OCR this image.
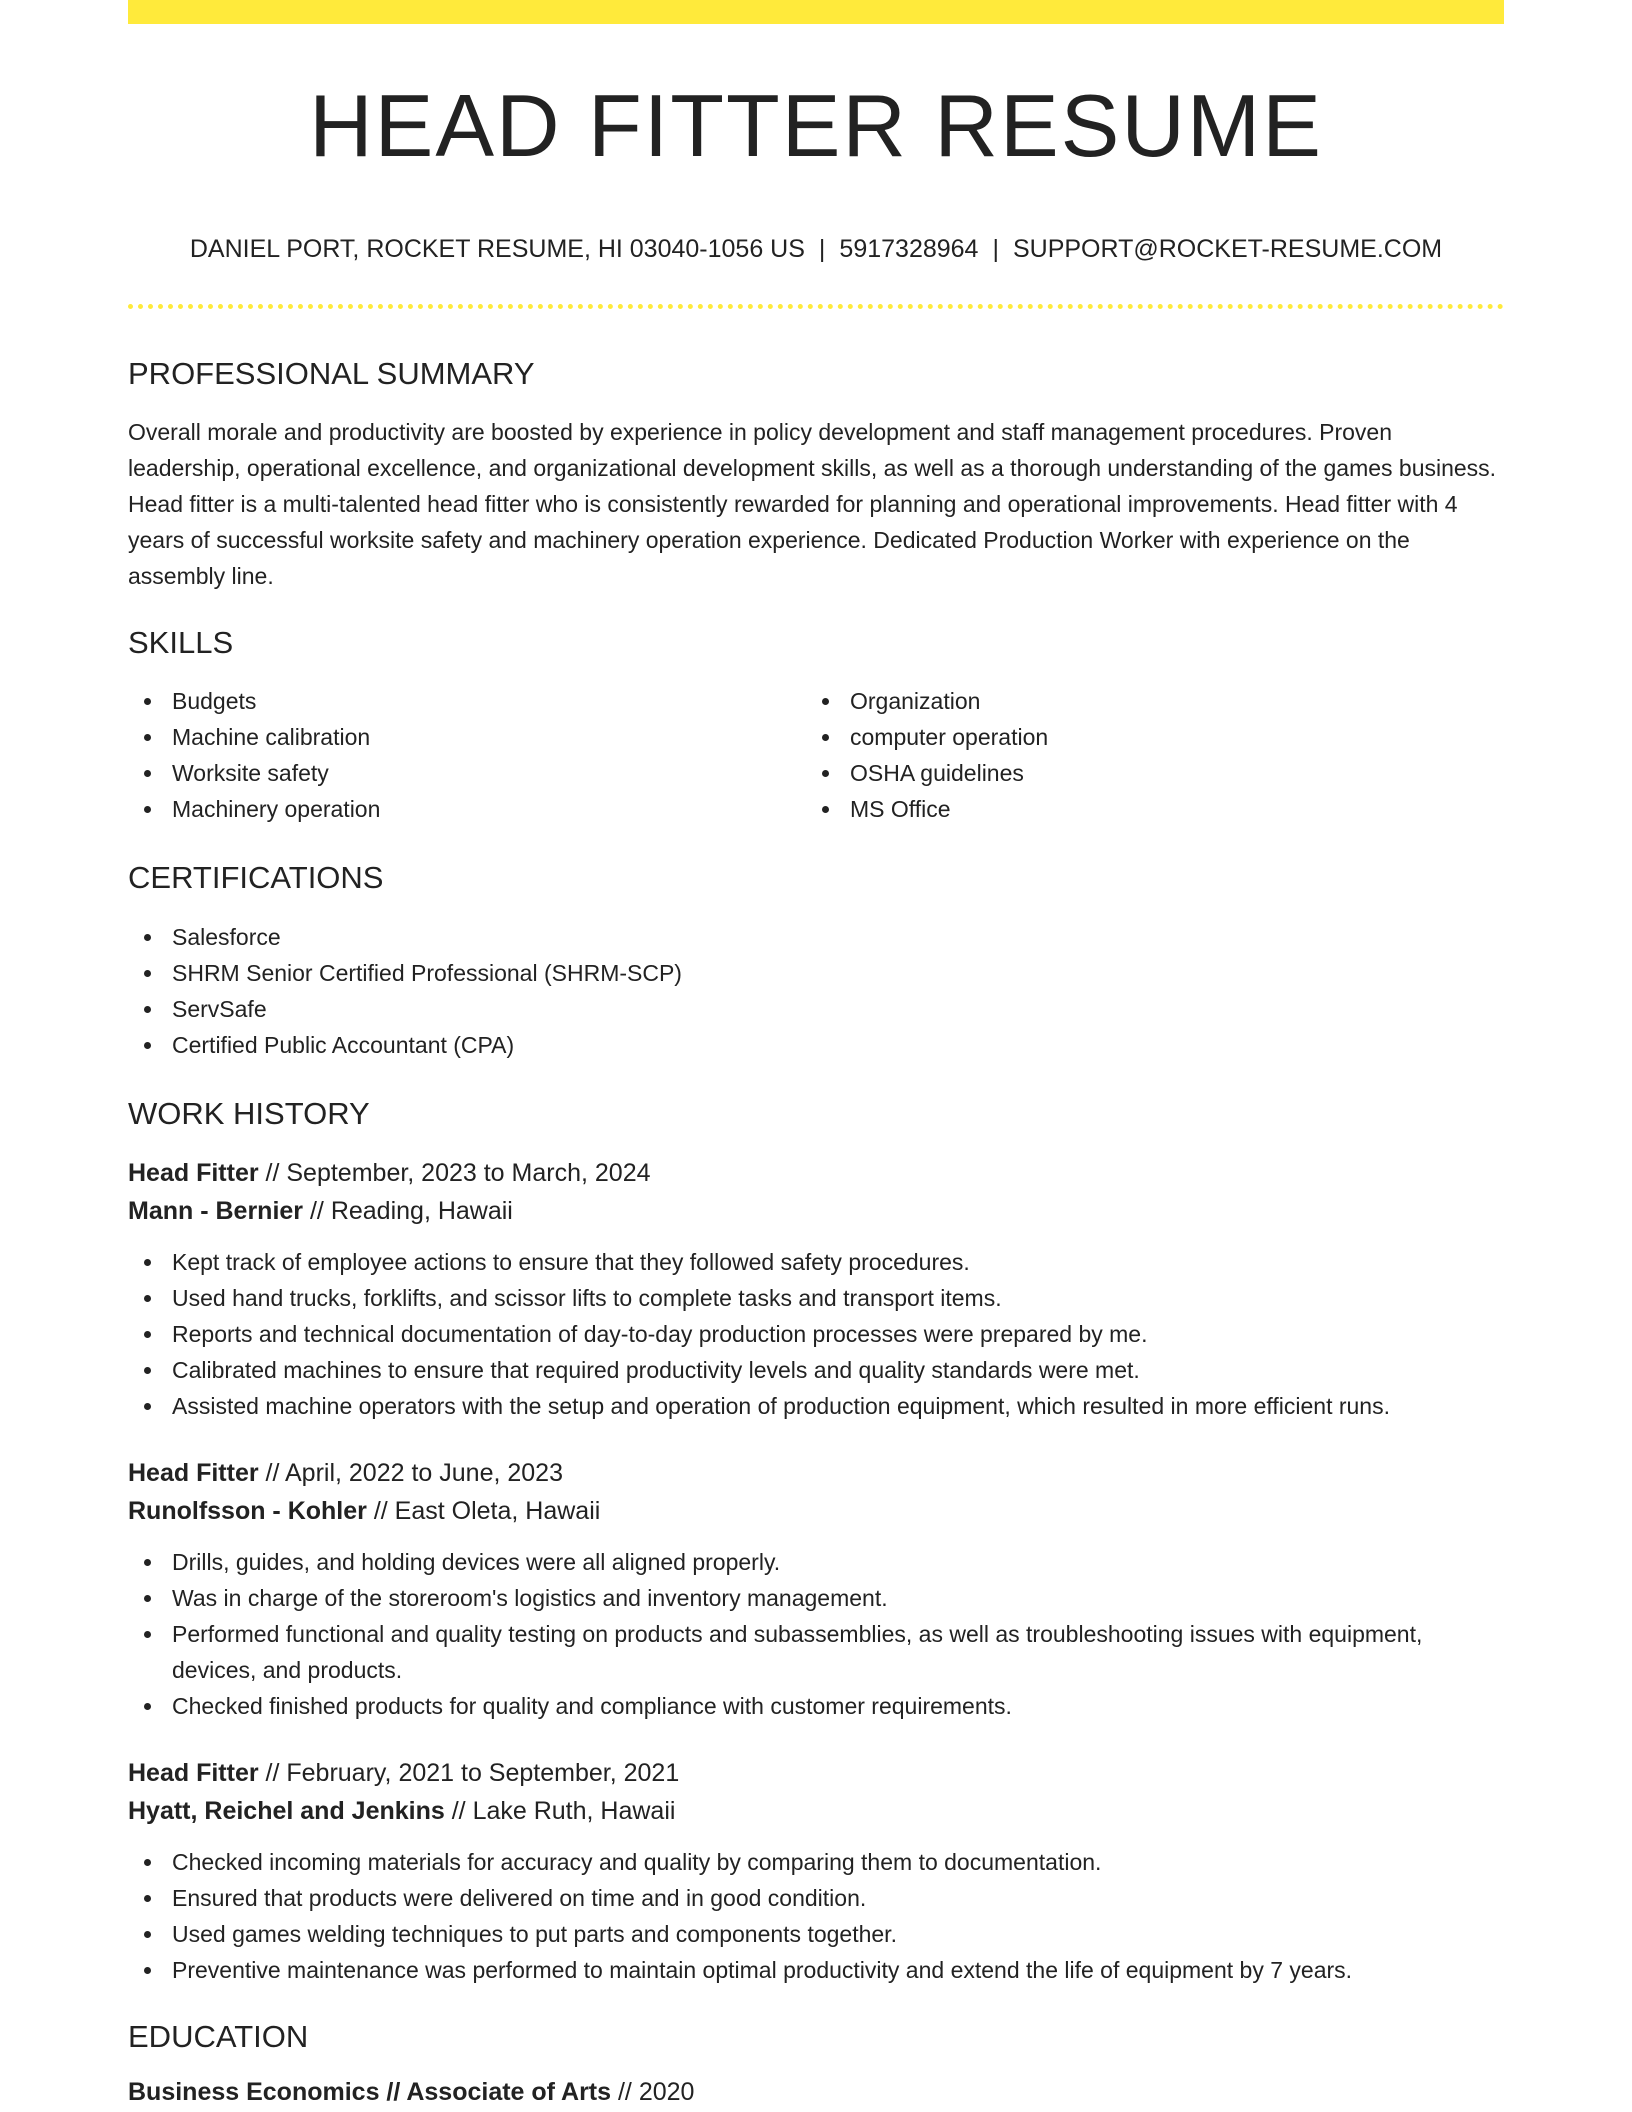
HEAD FITTER RESUME
DANIEL PORT, ROCKET RESUME, HI 03040-1056 US | 5917328964 | SUPPORT@ROCKET-RESUME.COM
PROFESSIONAL SUMMARY

Overall morale and productivity are boosted by experience in policy development and staff management procedures. Proven leadership, operational excellence, and organizational development skills, as well as a thorough understanding of the games business. Head fitter is a multi-talented head fitter who is consistently rewarded for planning and operational improvements. Head fitter with 4 years of successful worksite safety and machinery operation experience. Dedicated Production Worker with experience on the assembly line.

SKILLS
Budgets
Machine calibration
Worksite safety
Machinery operation
Organization
computer operation
OSHA guidelines
MS Office
CERTIFICATIONS
Salesforce
SHRM Senior Certified Professional (SHRM-SCP)
ServSafe
Certified Public Accountant (CPA)
WORK HISTORY
Head Fitter // September, 2023 to March, 2024
Mann - Bernier // Reading, Hawaii
Kept track of employee actions to ensure that they followed safety procedures.
Used hand trucks, forklifts, and scissor lifts to complete tasks and transport items.
Reports and technical documentation of day-to-day production processes were prepared by me.
Calibrated machines to ensure that required productivity levels and quality standards were met.
Assisted machine operators with the setup and operation of production equipment, which resulted in more efficient runs.
Head Fitter // April, 2022 to June, 2023
Runolfsson - Kohler // East Oleta, Hawaii
Drills, guides, and holding devices were all aligned properly.
Was in charge of the storeroom's logistics and inventory management.
Performed functional and quality testing on products and subassemblies, as well as troubleshooting issues with equipment, devices, and products.
Checked finished products for quality and compliance with customer requirements.
Head Fitter // February, 2021 to September, 2021
Hyatt, Reichel and Jenkins // Lake Ruth, Hawaii
Checked incoming materials for accuracy and quality by comparing them to documentation.
Ensured that products were delivered on time and in good condition.
Used games welding techniques to put parts and components together.
Preventive maintenance was performed to maintain optimal productivity and extend the life of equipment by 7 years.
EDUCATION
Business Economics // Associate of Arts // 2020
